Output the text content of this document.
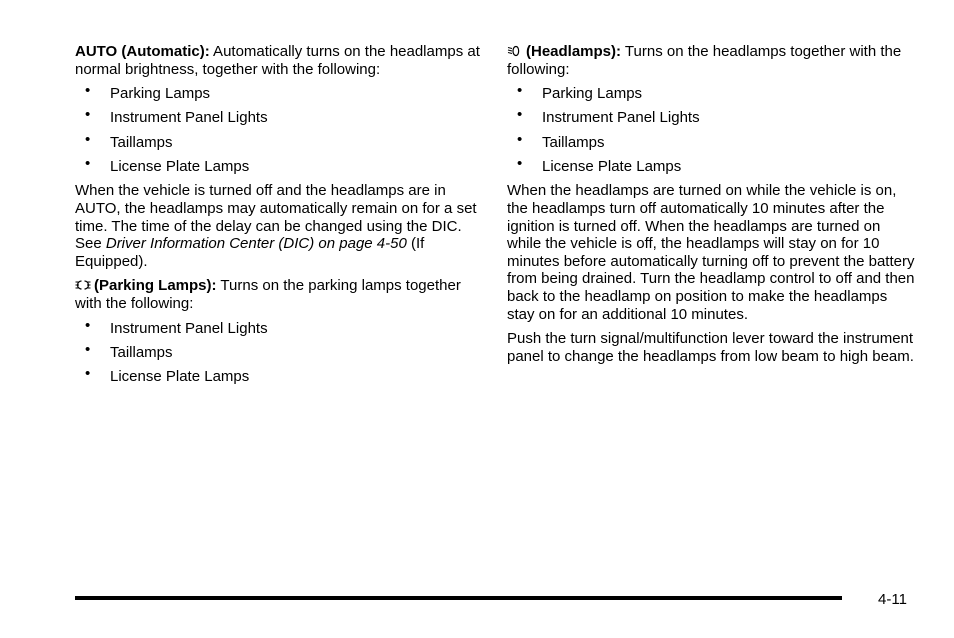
AUTO (Automatic): Automatically turns on the headlamps at normal brightness, together with the following:

• Parking Lamps
• Instrument Panel Lights
• Taillamps
• License Plate Lamps

When the vehicle is turned off and the headlamps are in AUTO, the headlamps may automatically remain on for a set time. The time of the delay can be changed using the DIC. See Driver Information Center (DIC) on page 4-50 (If Equipped).

(Parking Lamps): Turns on the parking lamps together with the following:

• Instrument Panel Lights
• Taillamps
• License Plate Lamps

(Headlamps): Turns on the headlamps together with the following:

• Parking Lamps
• Instrument Panel Lights
• Taillamps
• License Plate Lamps

When the headlamps are turned on while the vehicle is on, the headlamps turn off automatically 10 minutes after the ignition is turned off. When the headlamps are turned on while the vehicle is off, the headlamps will stay on for 10 minutes before automatically turning off to prevent the battery from being drained. Turn the headlamp control to off and then back to the headlamp on position to make the headlamps stay on for an additional 10 minutes.

Push the turn signal/multifunction lever toward the instrument panel to change the headlamps from low beam to high beam.

4-11
